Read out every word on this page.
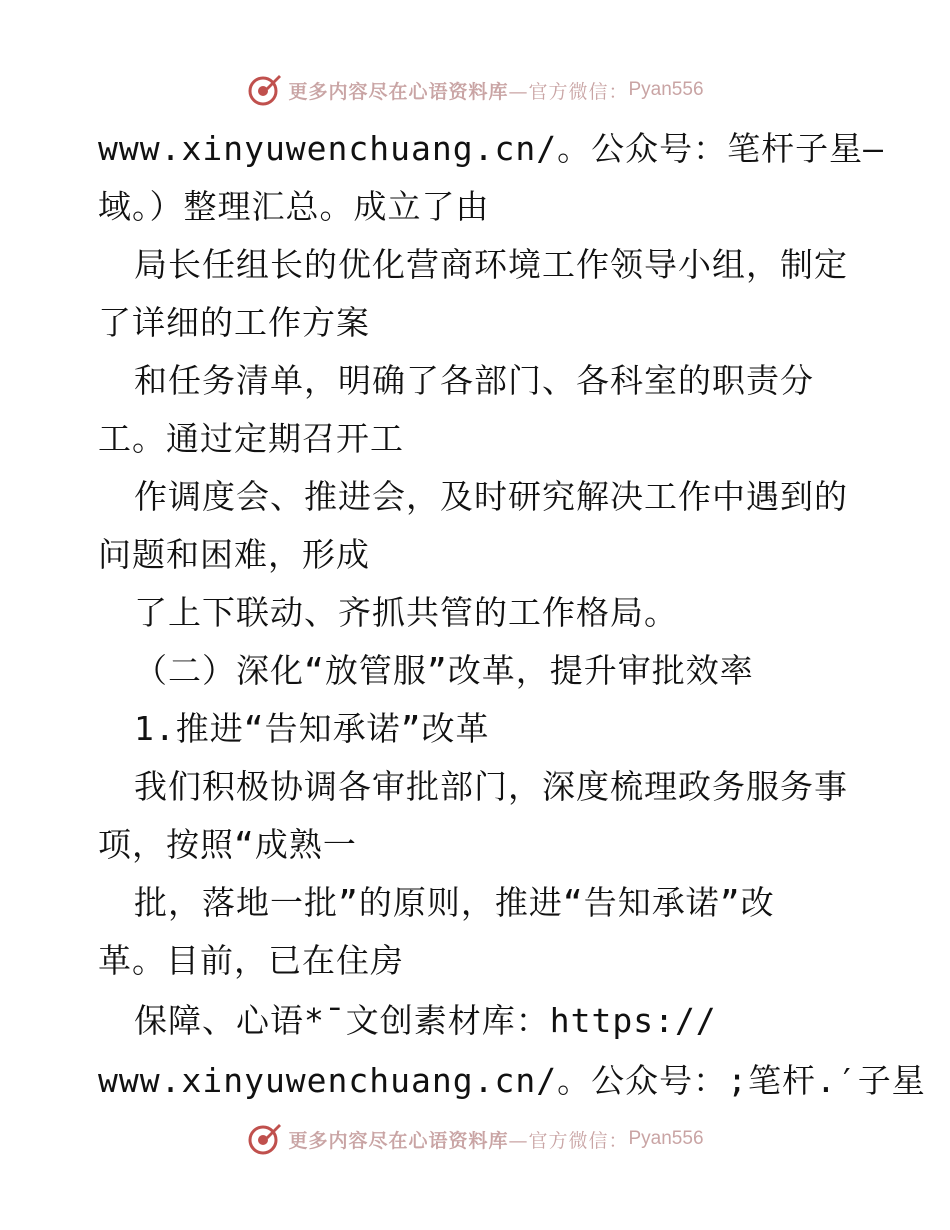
更多内容尽在心语资料库 —官方微信： Pyan556
www.xinyuwenchuang.cn/。公众号：笔杆子星—
域。）整理汇总。成立了由
局长任组长的优化营商环境工作领导小组，制定
了详细的工作方案
和任务清单，明确了各部门、各科室的职责分
工。通过定期召开工
作调度会、推进会，及时研究解决工作中遇到的
问题和困难，形成
了上下联动、齐抓共管的工作格局。
（二）深化“放管服”改革，提升审批效率
1.推进“告知承诺”改革
我们积极协调各审批部门，深度梳理政务服务事
项，按照“成熟一
批，落地一批”的原则，推进“告知承诺”改
革。目前，已在住房
保障、心语*¯文创素材库：https://
www.xinyuwenchuang.cn/。公众号：;笔杆.′子星
更多内容尽在心语资料库 —官方微信： Pyan556
